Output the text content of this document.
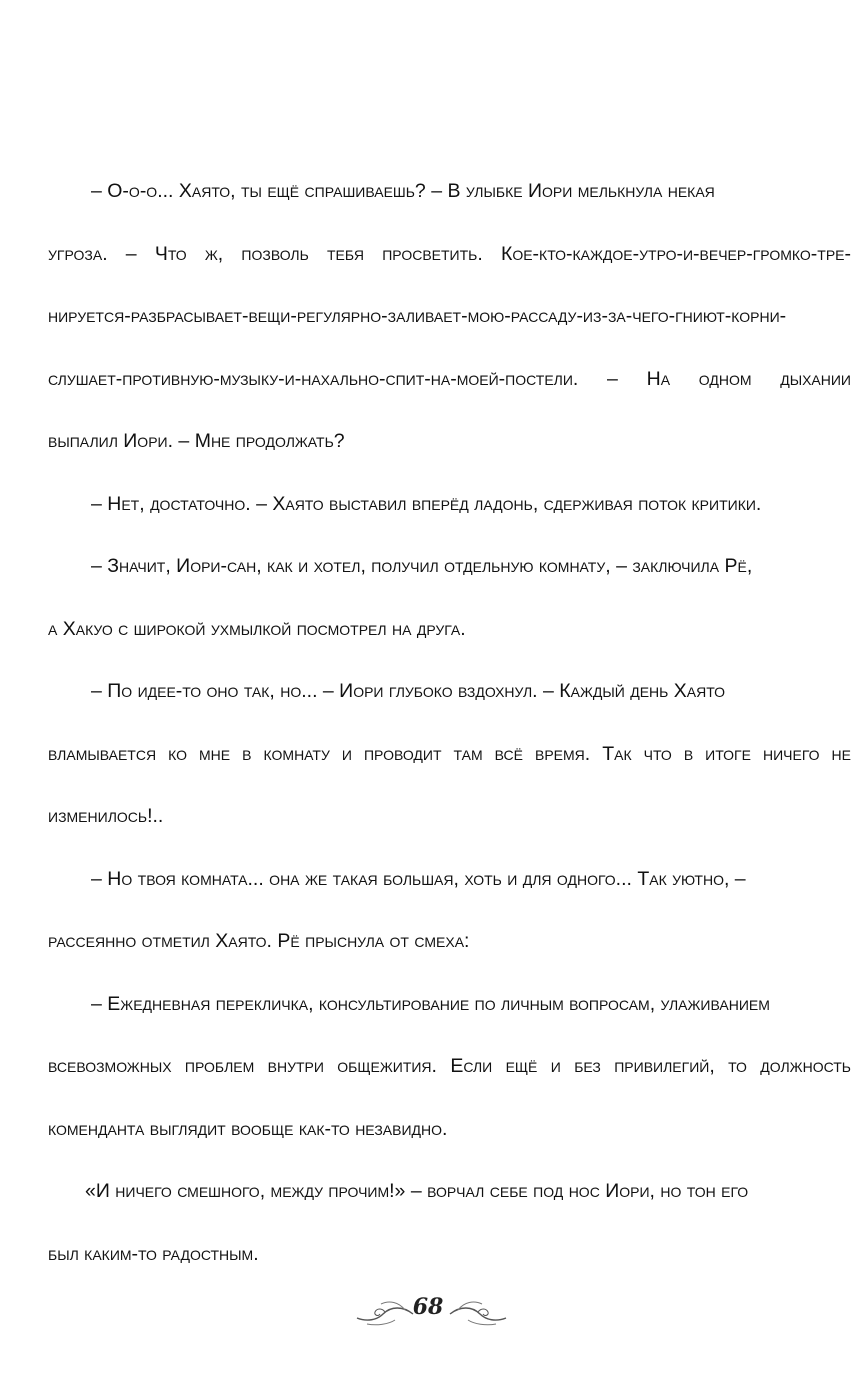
– О-о-о... Хаято, ты ещё спрашиваешь? – В улыбке Иори мелькнула некая
угроза. – Что ж, позволь тебя просветить. Кое-кто-каждое-утро-и-вечер-громко-тре-
нируется-разбрасывает-вещи-регулярно-заливает-мою-рассаду-из-за-чего-гниют-корни-
слушает-противную-музыку-и-нахально-спит-на-моей-постели. – На одном дыхании
выпалил Иори. – Мне продолжать?
– Нет, достаточно. – Хаято выставил вперёд ладонь, сдерживая поток критики.
– Значит, Иори-сан, как и хотел, получил отдельную комнату, – заключила Рё,
а Хакуо с широкой ухмылкой посмотрел на друга.
– По идее-то оно так, но... – Иори глубоко вздохнул. – Каждый день Хаято
вламывается ко мне в комнату и проводит там всё время. Так что в итоге ничего не
изменилось!..
– Но твоя комната... она же такая большая, хоть и для одного... Так уютно, –
рассеянно отметил Хаято. Рё прыснула от смеха:
– Ежедневная перекличка, консультирование по личным вопросам, улаживанием
всевозможных проблем внутри общежития. Если ещё и без привилегий, то должность
коменданта выглядит вообще как-то незавидно.
«И ничего смешного, между прочим!» – ворчал себе под нос Иори, но тон его
был каким-то радостным.
68
